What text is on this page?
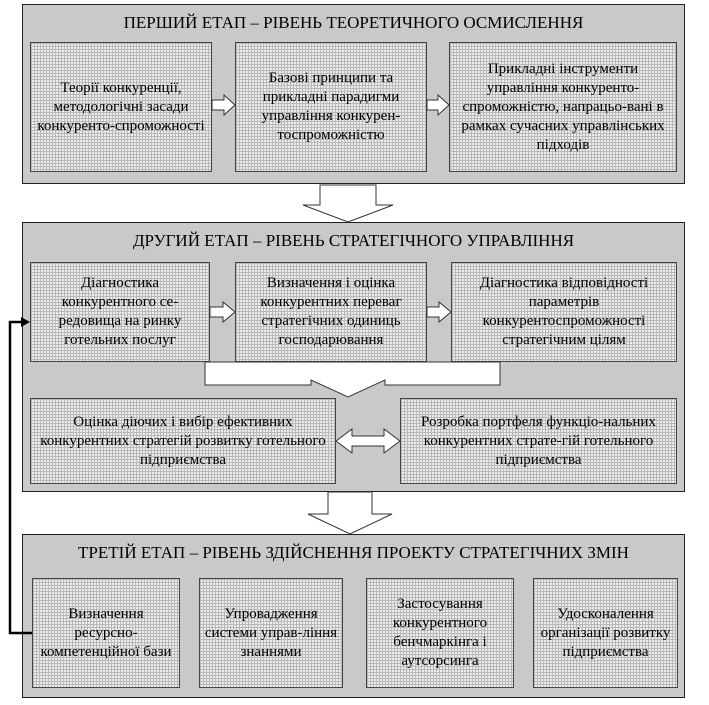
ПЕРШИЙ ЕТАП – РІВЕНЬ ТЕОРЕТИЧНОГО ОСМИСЛЕННЯ
Теорії конкуренції, методологічні засади конкуренто-спроможності
Базові принципи та прикладні парадигми управління конкурен-тоспроможністю
Прикладні інструменти управління конкуренто-спроможністю, напрацьо-вані в рамках сучасних управлінських підходів
ДРУГИЙ ЕТАП – РІВЕНЬ СТРАТЕГІЧНОГО УПРАВЛІННЯ
Діагностика конкурентного се-редовища на ринку готельних послуг
Визначення і оцінка конкурентних переваг стратегічних одиниць господарювання
Діагностика відповідності параметрів конкурентоспроможності стратегічним цілям
Оцінка діючих і вибір ефективних конкурентних стратегій розвитку готельного підприємства
Розробка портфеля функціо-нальних конкурентних страте-гій готельного підприємства
ТРЕТІЙ ЕТАП – РІВЕНЬ ЗДІЙСНЕННЯ ПРОЕКТУ СТРАТЕГІЧНИХ ЗМІН
Визначення ресурсно-компетенційної бази
Упровадження системи управ-ління знаннями
Застосування конкурентного бенчмаркінга і аутсорсинга
Удосконалення організації розвитку підприємства
